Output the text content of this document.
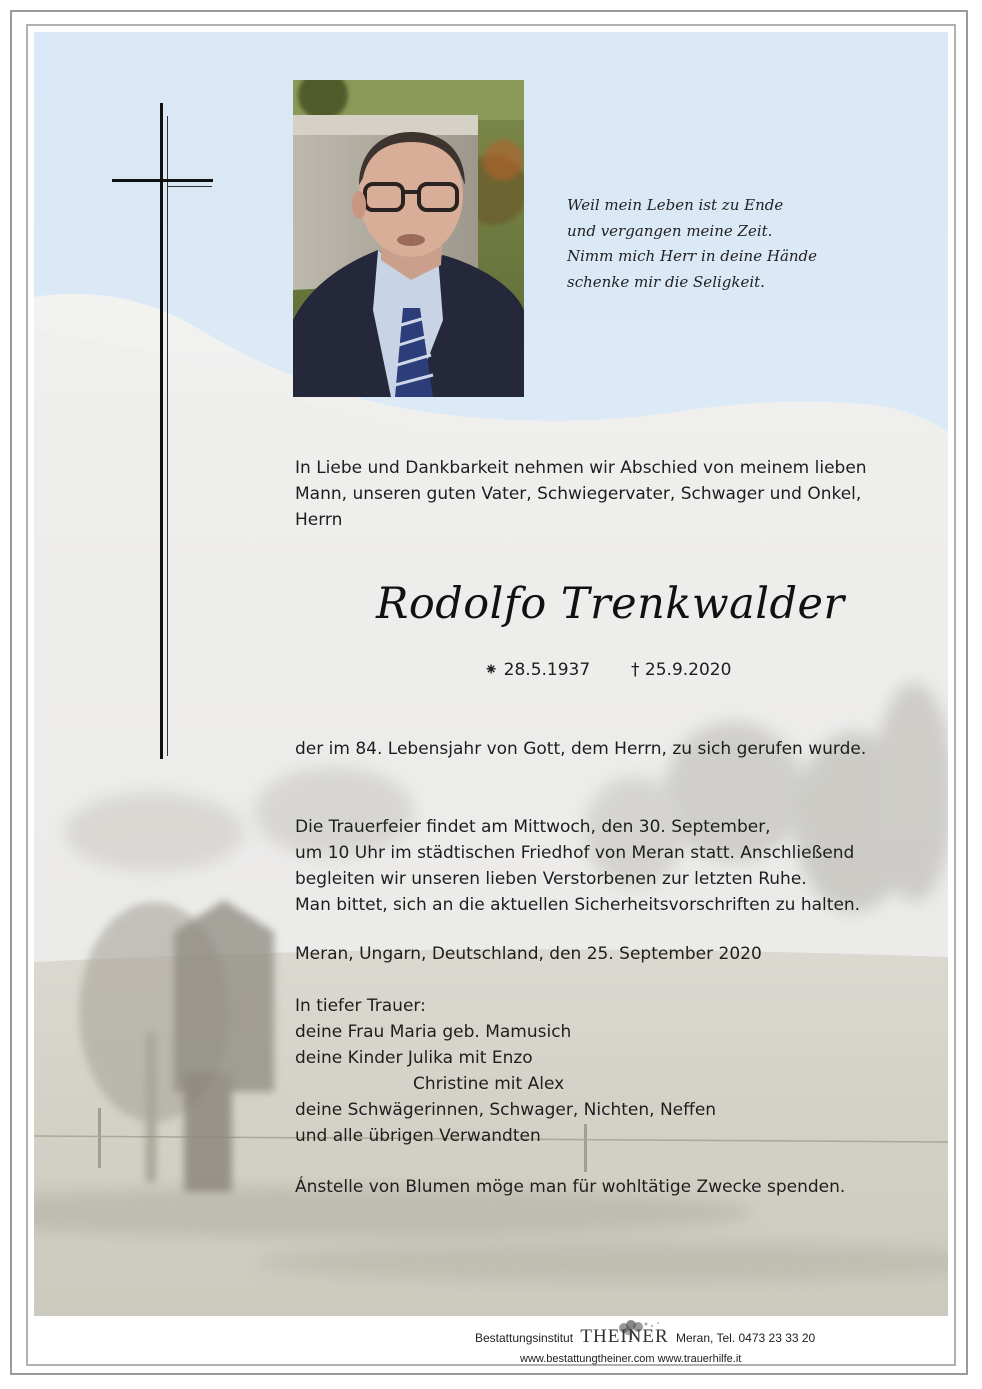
Weil mein Leben ist zu Ende
und vergangen meine Zeit.
Nimm mich Herr in deine Hände
schenke mir die Seligkeit.
In Liebe und Dankbarkeit nehmen wir Abschied von meinem lieben
Mann, unseren guten Vater, Schwiegervater, Schwager und Onkel,
Herrn
Rodolfo Trenkwalder
⁕ 28.5.1937 † 25.9.2020
der im 84. Lebensjahr von Gott, dem Herrn, zu sich gerufen wurde.
Die Trauerfeier findet am Mittwoch, den 30. September,
um 10 Uhr im städtischen Friedhof von Meran statt. Anschließend
begleiten wir unseren lieben Verstorbenen zur letzten Ruhe.
Man bittet, sich an die aktuellen Sicherheitsvorschriften zu halten.
Meran, Ungarn, Deutschland, den 25. September 2020
In tiefer Trauer:
deine Frau Maria geb. Mamusich
deine Kinder Julika mit Enzo
Christine mit Alex
deine Schwägerinnen, Schwager, Nichten, Neffen
und alle übrigen Verwandten
Ánstelle von Blumen möge man für wohltätige Zwecke spenden.
Bestattungsinstitut THEINER Meran, Tel. 0473 23 33 20
www.bestattungtheiner.com www.trauerhilfe.it
